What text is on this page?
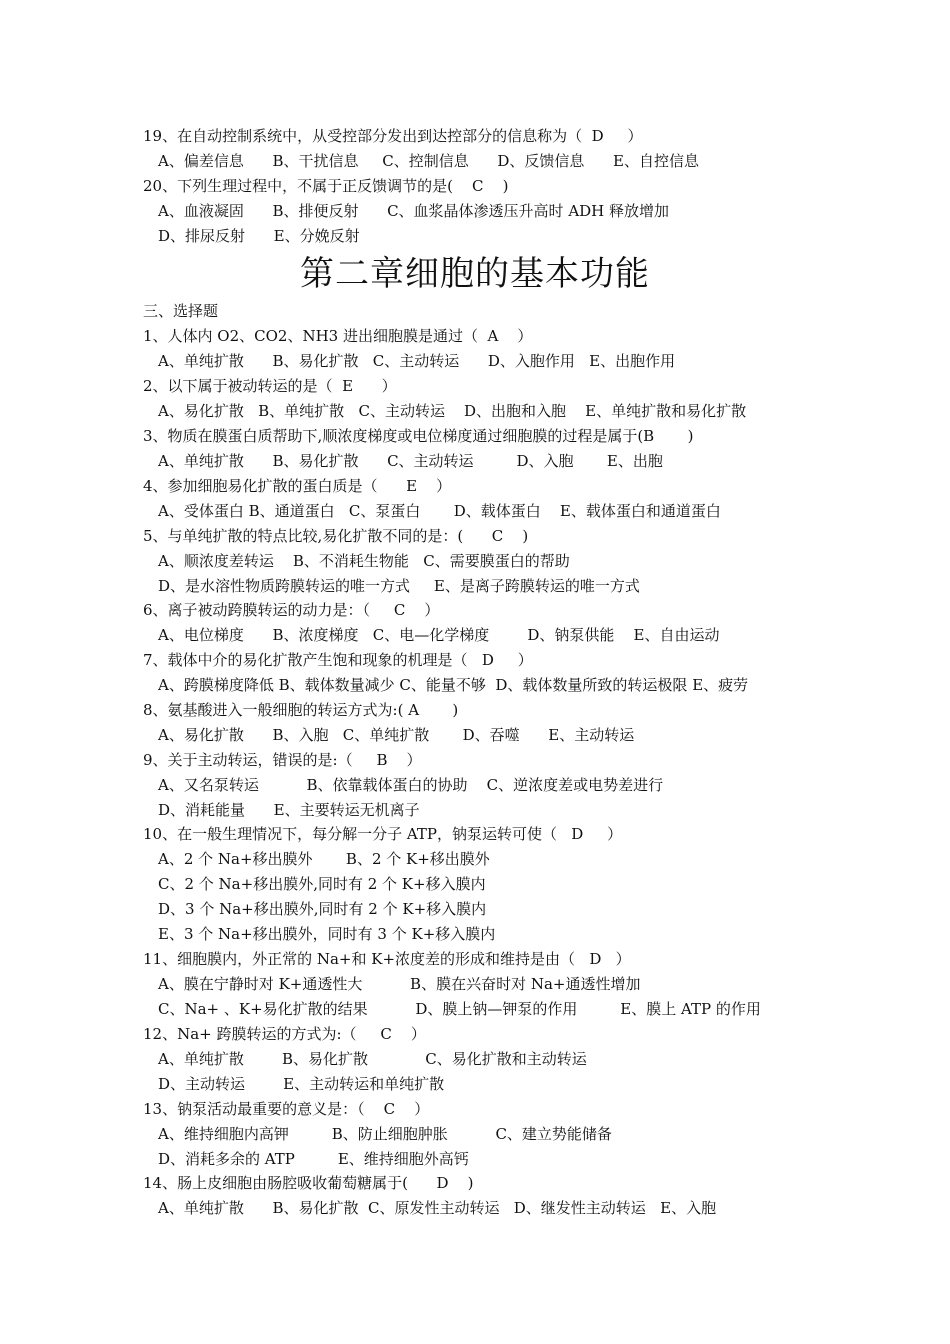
19、在自动控制系统中，从受控部分发出到达控部分的信息称为（  D     ）
A、偏差信息      B、干扰信息     C、控制信息      D、反馈信息      E、自控信息
20、下列生理过程中，不属于正反馈调节的是(    C    )
A、血液凝固      B、排便反射      C、血浆晶体渗透压升高时 ADH 释放增加
D、排尿反射      E、分娩反射
第二章细胞的基本功能
三、选择题
1、人体内 O2、CO2、NH3 进出细胞膜是通过（  A    ）
A、单纯扩散      B、易化扩散   C、主动转运      D、入胞作用   E、出胞作用
2、以下属于被动转运的是（  E      ）
A、易化扩散   B、单纯扩散   C、主动转运    D、出胞和入胞    E、单纯扩散和易化扩散
3、物质在膜蛋白质帮助下,顺浓度梯度或电位梯度通过细胞膜的过程是属于(B       )
A、单纯扩散      B、易化扩散      C、主动转运         D、入胞       E、出胞
4、参加细胞易化扩散的蛋白质是（      E    ）
A、受体蛋白 B、通道蛋白   C、泵蛋白       D、载体蛋白    E、载体蛋白和通道蛋白
5、与单纯扩散的特点比较,易化扩散不同的是：(      C    )
A、顺浓度差转运    B、不消耗生物能   C、需要膜蛋白的帮助
D、是水溶性物质跨膜转运的唯一方式     E、是离子跨膜转运的唯一方式
6、离子被动跨膜转运的动力是：（     C    ）
A、电位梯度      B、浓度梯度   C、电—化学梯度        D、钠泵供能    E、自由运动
7、载体中介的易化扩散产生饱和现象的机理是（   D     ）
A、跨膜梯度降低 B、载体数量减少 C、能量不够  D、载体数量所致的转运极限 E、疲劳
8、氨基酸进入一般细胞的转运方式为:( A       )
A、易化扩散      B、入胞   C、单纯扩散       D、吞噬      E、主动转运
9、关于主动转运，错误的是:（     B    ）
A、又名泵转运          B、依靠载体蛋白的协助    C、逆浓度差或电势差进行
D、消耗能量      E、主要转运无机离子
10、在一般生理情况下，每分解一分子 ATP，钠泵运转可使（   D     ）
A、2 个 Na+移出膜外       B、2 个 K+移出膜外
C、2 个 Na+移出膜外,同时有 2 个 K+移入膜内
D、3 个 Na+移出膜外,同时有 2 个 K+移入膜内
E、3 个 Na+移出膜外，同时有 3 个 K+移入膜内
11、细胞膜内，外正常的 Na+和 K+浓度差的形成和维持是由（   D   ）
A、膜在宁静时对 K+通透性大          B、膜在兴奋时对 Na+通透性增加
C、Na+ 、K+易化扩散的结果          D、膜上钠—钾泵的作用         E、膜上 ATP 的作用
12、Na+ 跨膜转运的方式为:（     C    ）
A、单纯扩散        B、易化扩散            C、易化扩散和主动转运
D、主动转运        E、主动转运和单纯扩散
13、钠泵活动最重要的意义是：（    C    ）
A、维持细胞内高钾         B、防止细胞肿胀          C、建立势能储备
D、消耗多余的 ATP         E、维持细胞外高钙
14、肠上皮细胞由肠腔吸收葡萄糖属于(      D    )
A、单纯扩散      B、易化扩散  C、原发性主动转运   D、继发性主动转运   E、入胞
